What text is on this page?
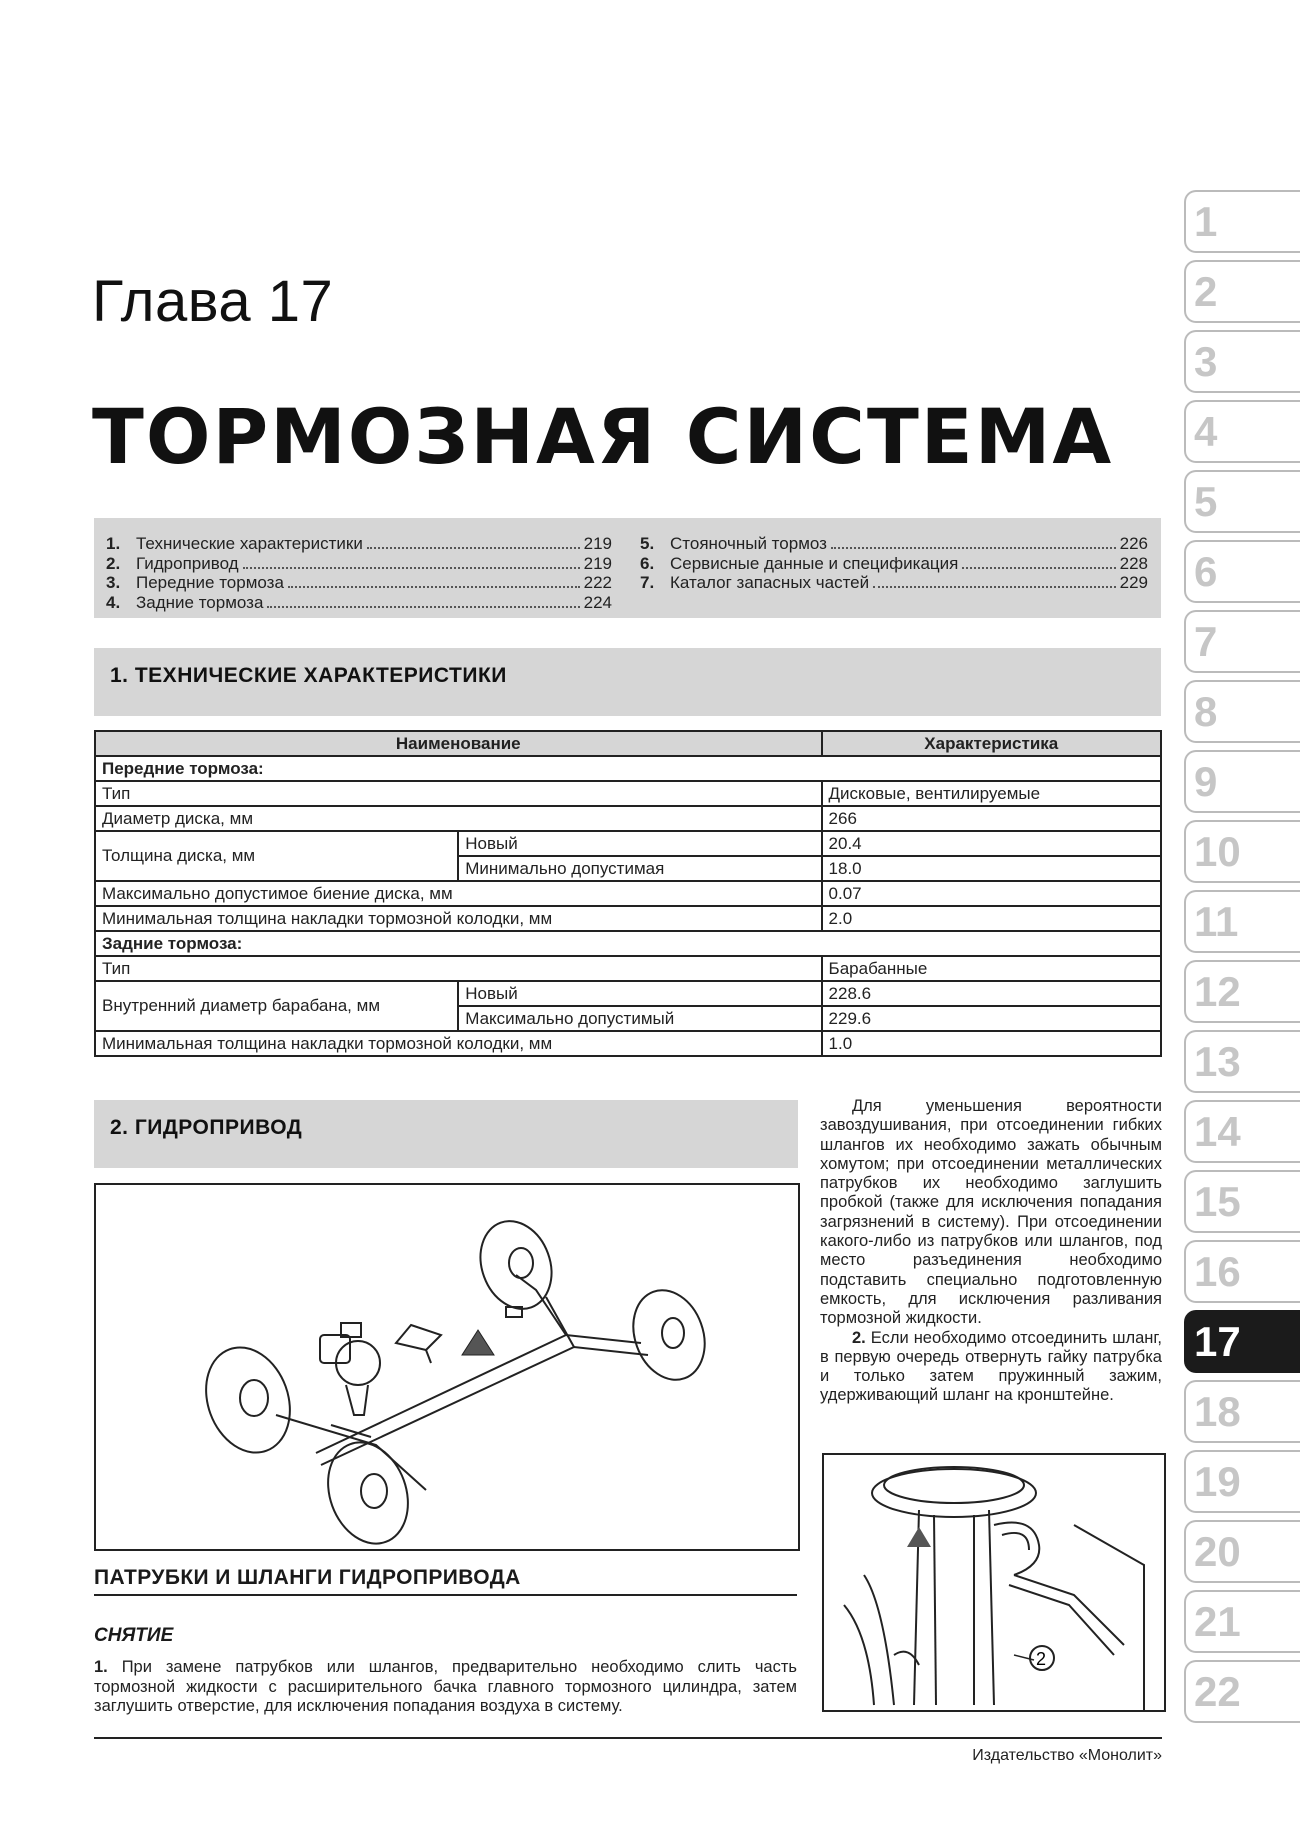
Глава 17
ТОРМОЗНАЯ СИСТЕМА
1. Технические характеристики	219
2. Гидропривод	219
3. Передние тормоза	222
4. Задние тормоза	224
5. Стояночный тормоз	226
6. Сервисные данные и спецификация	228
7. Каталог запасных частей	229
1. ТЕХНИЧЕСКИЕ ХАРАКТЕРИСТИКИ
Наименование		Характеристика
Передние тормоза:		
Тип		Дисковые, вентилируемые
Диаметр диска, мм		266
Толщина диска, мм	Новый	20.4
	Минимально допустимая	18.0
Максимально допустимое биение диска, мм		0.07
Минимальная толщина накладки тормозной колодки, мм		2.0
Задние тормоза:		
Тип		Барабанные
Внутренний диаметр барабана, мм	Новый	228.6
	Максимально допустимый	229.6
Минимальная толщина накладки тормозной колодки, мм		1.0
2. ГИДРОПРИВОД

Для уменьшения вероятности завоздушивания, при отсоединении гибких шлангов их необходимо зажать обычным хомутом; при отсоединении металлических патрубков их необходимо заглушить пробкой (также для исключения попадания загрязнений в систему). При отсоединении какого-либо из патрубков или шлангов, под место разъединения необходимо подставить специально подготовленную емкость, для исключения разливания тормозной жидкости.

2. Если необходимо отсоединить шланг, в первую очередь отвернуть гайку патрубка и только затем пружинный зажим, удерживающий шланг на кронштейне.

2
ПАТРУБКИ И ШЛАНГИ ГИДРОПРИВОДА
СНЯТИЕ
1. При замене патрубков или шлангов, предварительно необходимо слить часть тормозной жидкости с расширительного бачка главного тормозного цилиндра, затем заглушить отверстие, для исключения попадания воздуха в систему.
Издательство «Монолит»
1
2
3
4
5
6
7
8
9
10
11
12
13
14
15
16
17
18
19
20
21
22
